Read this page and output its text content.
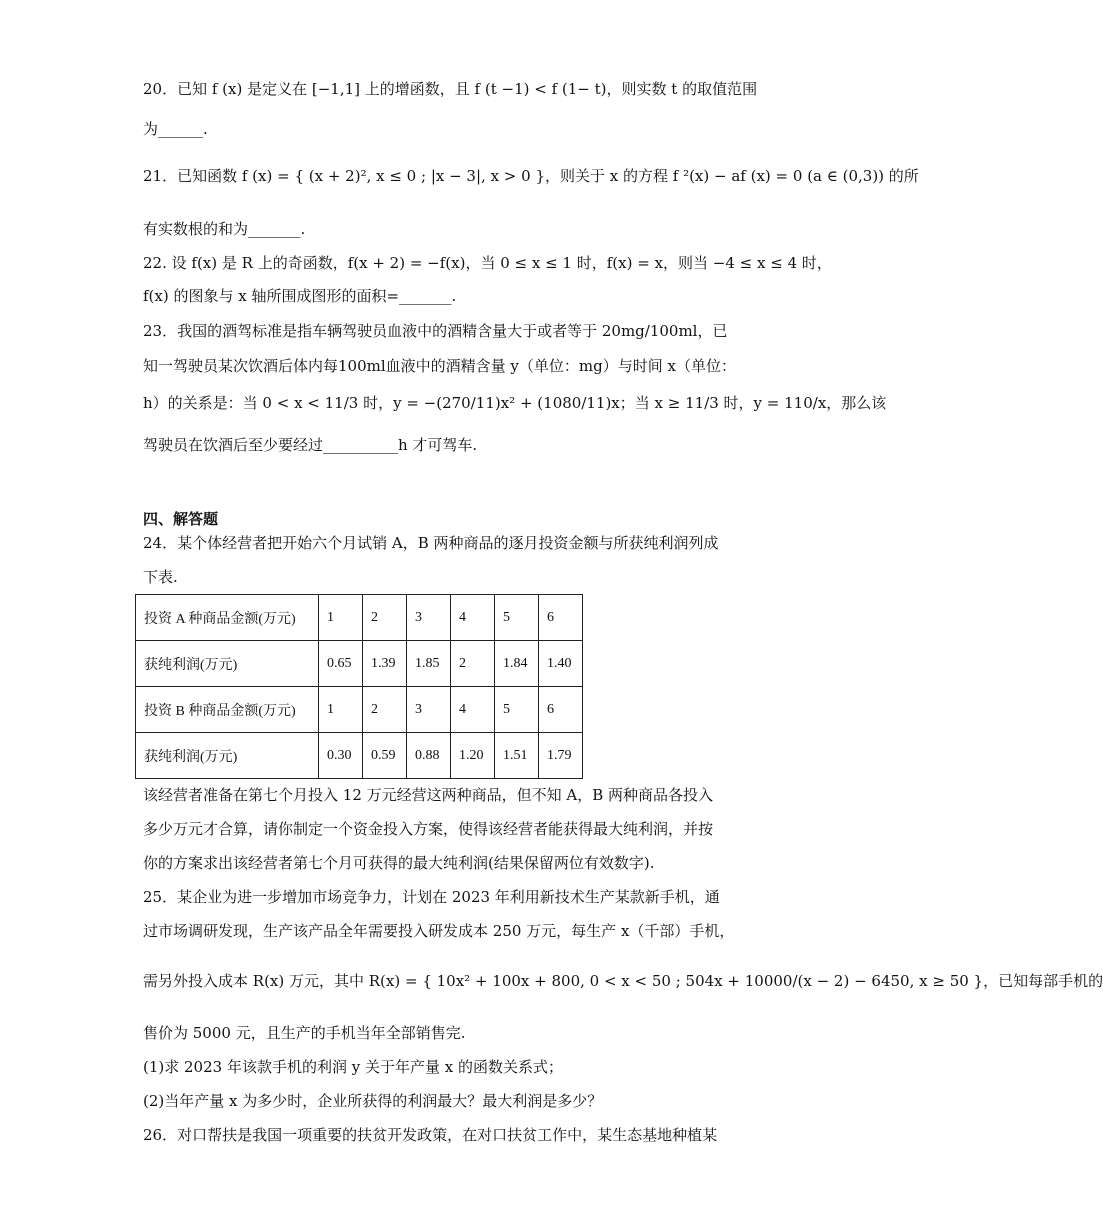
20．已知 f (x) 是定义在 [−1,1] 上的增函数，且 f (t −1) < f (1− t)，则实数 t 的取值范围
为______.
21．已知函数 f (x) = { (x + 2)², x ≤ 0 ; |x − 3|, x > 0 }，则关于 x 的方程 f ²(x) − af (x) = 0 (a ∈ (0,3)) 的所
有实数根的和为_______.
22. 设 f(x) 是 R 上的奇函数，f(x + 2) = −f(x)，当 0 ≤ x ≤ 1 时，f(x) = x，则当 −4 ≤ x ≤ 4 时，
f(x) 的图象与 x 轴所围成图形的面积=_______.
23．我国的酒驾标准是指车辆驾驶员血液中的酒精含量大于或者等于 20mg/100ml，已
知一驾驶员某次饮酒后体内每100ml血液中的酒精含量 y（单位：mg）与时间 x（单位：
h）的关系是：当 0 < x < 11/3 时，y = −(270/11)x² + (1080/11)x；当 x ≥ 11/3 时，y = 110/x，那么该
驾驶员在饮酒后至少要经过__________h 才可驾车.
四、解答题
24．某个体经营者把开始六个月试销 A，B 两种商品的逐月投资金额与所获纯利润列成
下表.
投资 A 种商品金额(万元)	1	2	3	4	5	6
获纯利润(万元)	0.65	1.39	1.85	2	1.84	1.40
投资 B 种商品金额(万元)	1	2	3	4	5	6
获纯利润(万元)	0.30	0.59	0.88	1.20	1.51	1.79
该经营者准备在第七个月投入 12 万元经营这两种商品，但不知 A，B 两种商品各投入
多少万元才合算，请你制定一个资金投入方案，使得该经营者能获得最大纯利润，并按
你的方案求出该经营者第七个月可获得的最大纯利润(结果保留两位有效数字).
25．某企业为进一步增加市场竞争力，计划在 2023 年利用新技术生产某款新手机，通
过市场调研发现，生产该产品全年需要投入研发成本 250 万元，每生产 x（千部）手机，
需另外投入成本 R(x) 万元，其中 R(x) = { 10x² + 100x + 800, 0 < x < 50 ; 504x + 10000/(x − 2) − 6450, x ≥ 50 }，已知每部手机的
售价为 5000 元，且生产的手机当年全部销售完.
(1)求 2023 年该款手机的利润 y 关于年产量 x 的函数关系式；
(2)当年产量 x 为多少时，企业所获得的利润最大？最大利润是多少？
26．对口帮扶是我国一项重要的扶贫开发政策，在对口扶贫工作中，某生态基地种植某
